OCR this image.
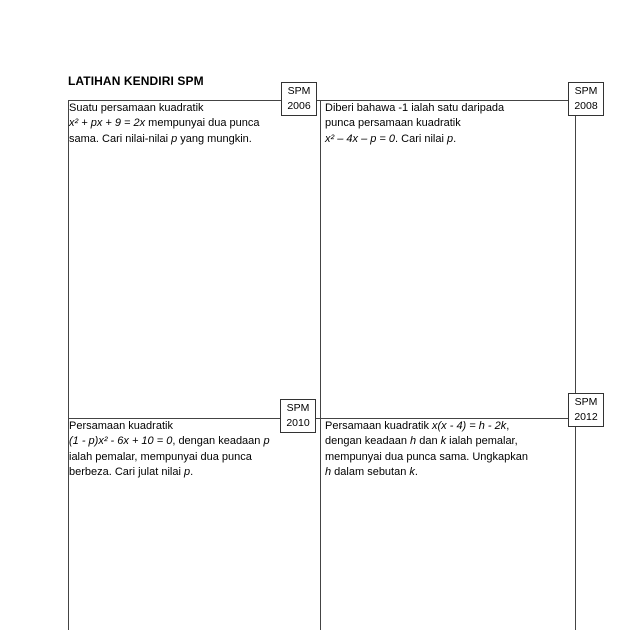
LATIHAN KENDIRI SPM

Suatu persamaan kuadratik

x² + px + 9 = 2x mempunyai dua punca

sama. Cari nilai-nilai p yang mungkin.

Diberi bahawa -1 ialah satu daripada

punca persamaan kuadratik

x² – 4x – p = 0. Cari nilai p.

Persamaan kuadratik

(1 - p)x² - 6x + 10 = 0, dengan keadaan p

ialah pemalar, mempunyai dua punca

berbeza. Cari julat nilai p.

Persamaan kuadratik x(x - 4) = h - 2k,

dengan keadaan h dan k ialah pemalar,

mempunyai dua punca sama. Ungkapkan

h dalam sebutan k.

SPM
2006
SPM
2008
SPM
2010
SPM
2012
